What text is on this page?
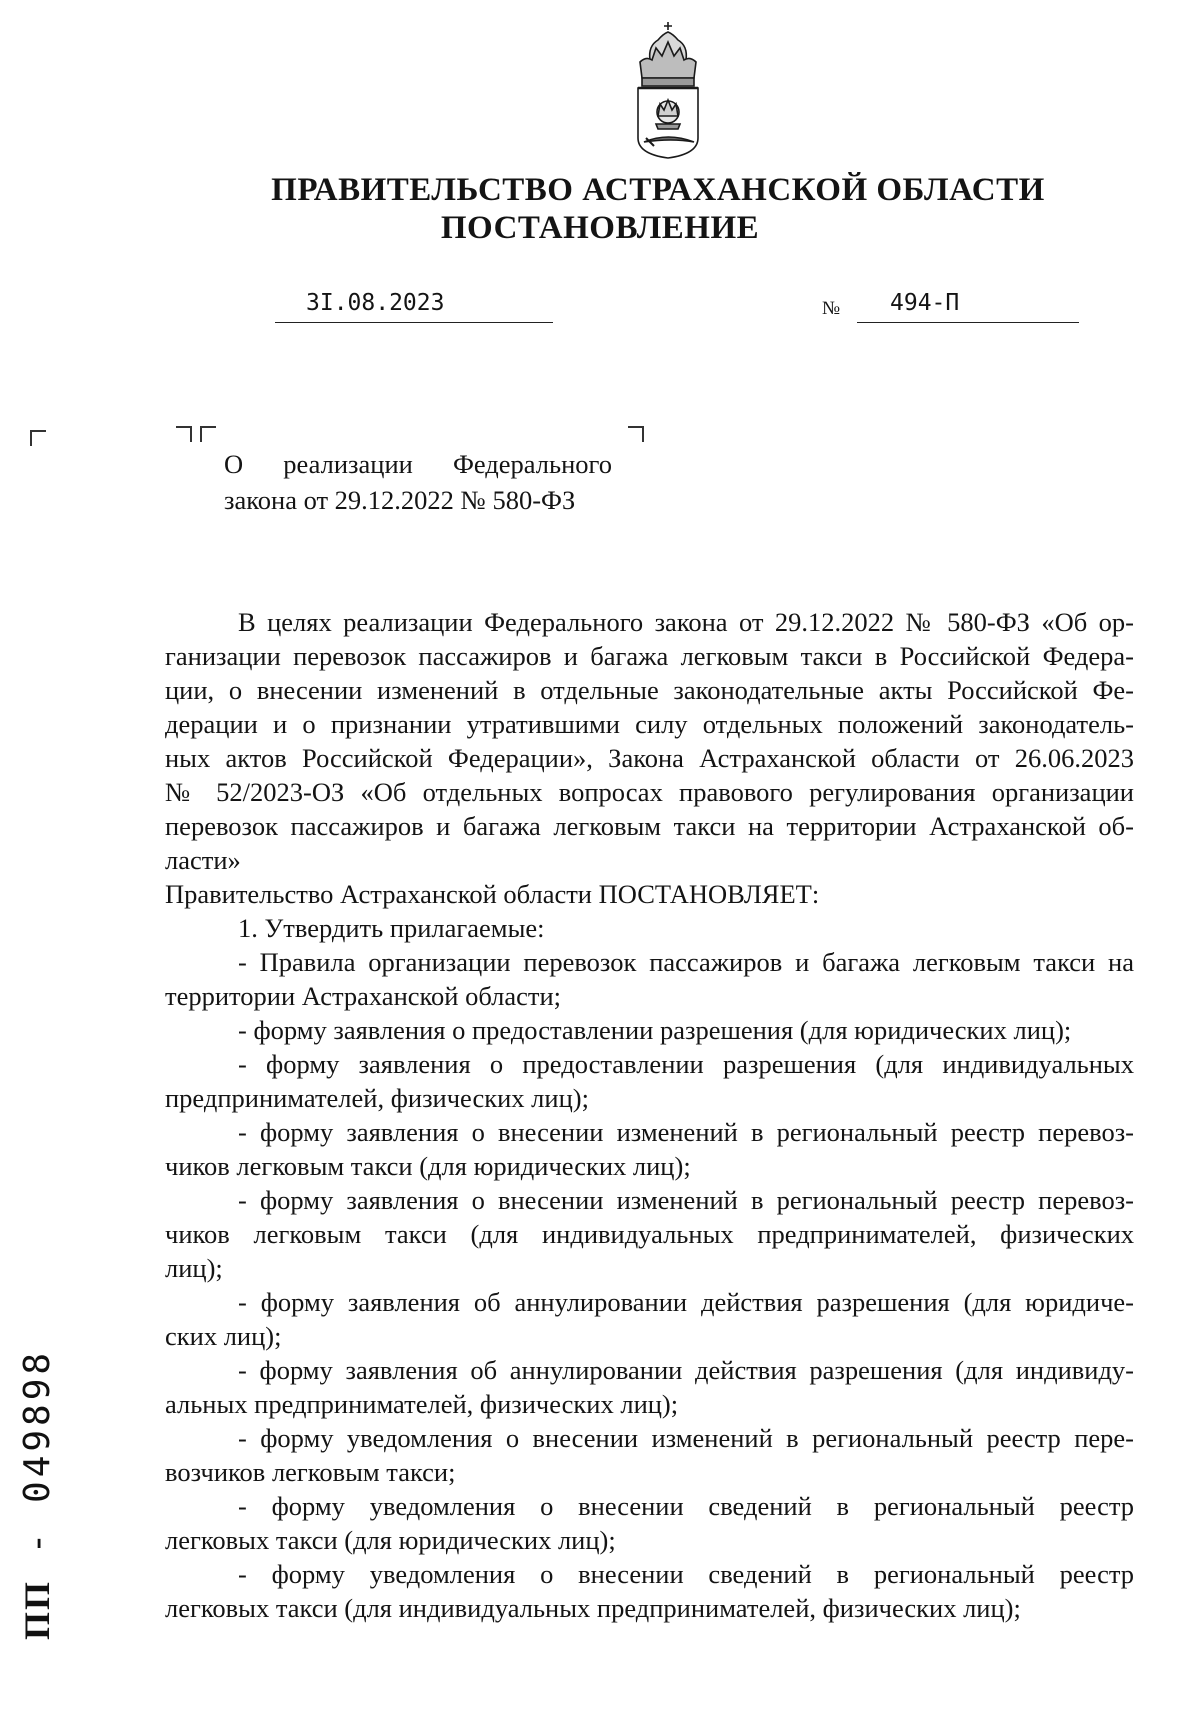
ПРАВИТЕЛЬСТВО АСТРАХАНСКОЙ ОБЛАСТИ
ПОСТАНОВЛЕНИЕ
3I.08.2023	№ 494-П
О реализации Федерального
закона от 29.12.2022 № 580-ФЗ
В целях реализации Федерального закона от 29.12.2022 № 580-ФЗ «Об ор-
ганизации перевозок пассажиров и багажа легковым такси в Российской Федера-
ции, о внесении изменений в отдельные законодательные акты Российской Фе-
дерации и о признании утратившими силу отдельных положений законодатель-
ных актов Российской Федерации», Закона Астраханской области от 26.06.2023
№ 52/2023-ОЗ «Об отдельных вопросах правового регулирования организации
перевозок пассажиров и багажа легковым такси на территории Астраханской об-
ласти»
Правительство Астраханской области ПОСТАНОВЛЯЕТ:
1. Утвердить прилагаемые:
- Правила организации перевозок пассажиров и багажа легковым такси на
территории Астраханской области;
- форму заявления о предоставлении разрешения (для юридических лиц);
- форму заявления о предоставлении разрешения (для индивидуальных
предпринимателей, физических лиц);
- форму заявления о внесении изменений в региональный реестр перевоз-
чиков легковым такси (для юридических лиц);
- форму заявления о внесении изменений в региональный реестр перевоз-
чиков легковым такси (для индивидуальных предпринимателей, физических
лиц);
- форму заявления об аннулировании действия разрешения (для юридиче-
ских лиц);
- форму заявления об аннулировании действия разрешения (для индивиду-
альных предпринимателей, физических лиц);
- форму уведомления о внесении изменений в региональный реестр пере-
возчиков легковым такси;
- форму уведомления о внесении сведений в региональный реестр
легковых такси (для юридических лиц);
- форму уведомления о внесении сведений в региональный реестр
легковых такси (для индивидуальных предпринимателей, физических лиц);
ПП - 049898
